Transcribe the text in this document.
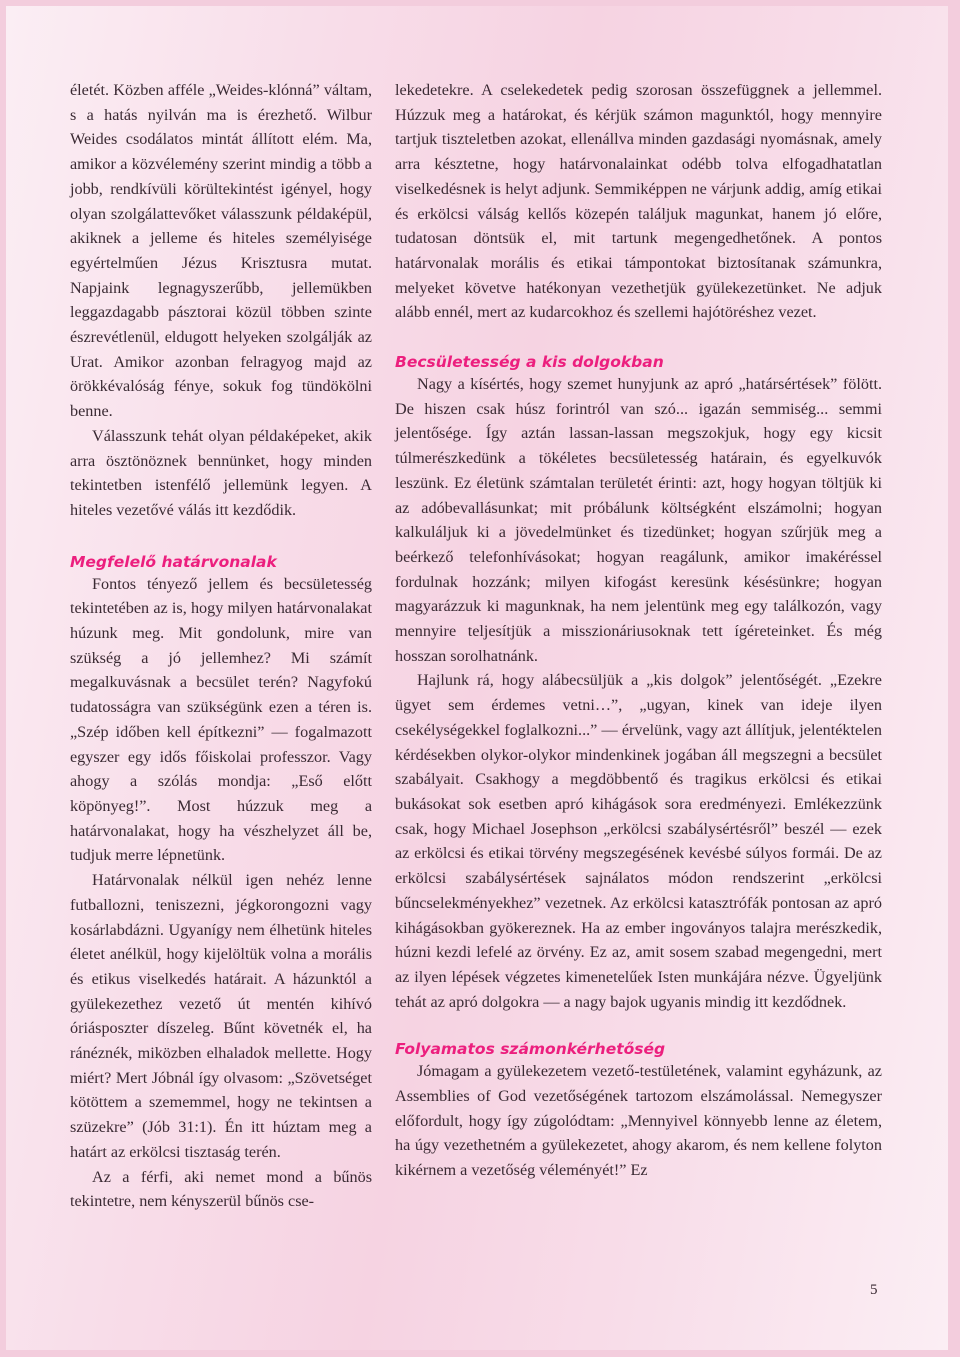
életét. Közben afféle „Weides-klónná” váltam, s a hatás nyilván ma is érezhető. Wilbur Weides csodálatos mintát állított elém. Ma, amikor a közvélemény szerint mindig a több a jobb, rendkívüli körültekintést igényel, hogy olyan szolgálattevőket válasszunk példaképül, akiknek a jelleme és hiteles személyisége egyértelműen Jézus Krisztusra mutat. Napjaink legnagyszerűbb, jellemükben leggazdagabb pásztorai közül többen szinte észrevétlenül, eldugott helyeken szolgálják az Urat. Amikor azonban felragyog majd az örökkévalóság fénye, sokuk fog tündökölni benne.

Válasszunk tehát olyan példaképeket, akik arra ösztönöznek bennünket, hogy minden tekintetben istenfélő jellemünk legyen. A hiteles vezetővé válás itt kezdődik.

Megfelelő határvonalak

Fontos tényező jellem és becsületesség tekintetében az is, hogy milyen határvonalakat húzunk meg. Mit gondolunk, mire van szükség a jó jellemhez? Mi számít megalkuvásnak a becsület terén? Nagyfokú tudatosságra van szükségünk ezen a téren is. „Szép időben kell építkezni” — fogalmazott egyszer egy idős főiskolai professzor. Vagy ahogy a szólás mondja: „Eső előtt köpönyeg!”. Most húzzuk meg a határvonalakat, hogy ha vészhelyzet áll be, tudjuk merre lépnetünk.

Határvonalak nélkül igen nehéz lenne futballozni, teniszezni, jégkorongozni vagy kosárlabdázni. Ugyanígy nem élhetünk hiteles életet anélkül, hogy kijelöltük volna a morális és etikus viselkedés határait. A házunktól a gyülekezethez vezető út mentén kihívó óriásposzter díszeleg. Bűnt követnék el, ha ránéznék, miközben elhaladok mellette. Hogy miért? Mert Jóbnál így olvasom: „Szövetséget kötöttem a szememmel, hogy ne tekintsen a szüzekre” (Jób 31:1). Én itt húztam meg a határt az erkölcsi tisztaság terén.

Az a férfi, aki nemet mond a bűnös tekintetre, nem kényszerül bűnös cse-

lekedetekre. A cselekedetek pedig szorosan összefüggnek a jellemmel. Húzzuk meg a határokat, és kérjük számon magunktól, hogy mennyire tartjuk tiszteletben azokat, ellenállva minden gazdasági nyomásnak, amely arra késztetne, hogy határvonalainkat odébb tolva elfogadhatatlan viselkedésnek is helyt adjunk. Semmiképpen ne várjunk addig, amíg etikai és erkölcsi válság kellős közepén találjuk magunkat, hanem jó előre, tudatosan döntsük el, mit tartunk megengedhetőnek. A pontos határvonalak morális és etikai támpontokat biztosítanak számunkra, melyeket követve hatékonyan vezethetjük gyülekezetünket. Ne adjuk alább ennél, mert az kudarcokhoz és szellemi hajótöréshez vezet.

Becsületesség a kis dolgokban

Nagy a kísértés, hogy szemet hunyjunk az apró „határsértések” fölött. De hiszen csak húsz forintról van szó... igazán semmiség... semmi jelentősége. Így aztán lassan-lassan megszokjuk, hogy egy kicsit túlmerészkedünk a tökéletes becsületesség határain, és egyelkuvók leszünk. Ez életünk számtalan területét érinti: azt, hogy hogyan töltjük ki az adóbevallásunkat; mit próbálunk költségként elszámolni; hogyan kalkuláljuk ki a jövedelmünket és tizedünket; hogyan szűrjük meg a beérkező telefonhívásokat; hogyan reagálunk, amikor imakéréssel fordulnak hozzánk; milyen kifogást keresünk késésünkre; hogyan magyarázzuk ki magunknak, ha nem jelentünk meg egy találkozón, vagy mennyire teljesítjük a misszionáriusoknak tett ígéreteinket. És még hosszan sorolhatnánk.

Hajlunk rá, hogy alábecsüljük a „kis dolgok” jelentőségét. „Ezekre ügyet sem érdemes vetni…”, „ugyan, kinek van ideje ilyen csekélységekkel foglalkozni...” — érvelünk, vagy azt állítjuk, jelentéktelen kérdésekben olykor-olykor mindenkinek jogában áll megszegni a becsület szabályait. Csakhogy a megdöbbentő és tragikus erkölcsi és etikai bukásokat sok esetben apró kihágások sora eredményezi. Emlékezzünk csak, hogy Michael Josephson „erkölcsi szabálysértésről” beszél — ezek az erkölcsi és etikai törvény megszegésének kevésbé súlyos formái. De az erkölcsi szabálysértések sajnálatos módon rendszerint „erkölcsi bűncselekményekhez” vezetnek. Az erkölcsi katasztrófák pontosan az apró kihágásokban gyökereznek. Ha az ember ingoványos talajra merészkedik, húzni kezdi lefelé az örvény. Ez az, amit sosem szabad megengedni, mert az ilyen lépések végzetes kimenetelűek Isten munkájára nézve. Ügyeljünk tehát az apró dolgokra — a nagy bajok ugyanis mindig itt kezdődnek.

Folyamatos számonkérhetőség

Jómagam a gyülekezetem vezető-testületének, valamint egyházunk, az Assemblies of God vezetőségének tartozom elszámolással. Nemegyszer előfordult, hogy így zúgolódtam: „Mennyivel könnyebb lenne az életem, ha úgy vezethetném a gyülekezetet, ahogy akarom, és nem kellene folyton kikérnem a vezetőség véleményét!” Ez

5
